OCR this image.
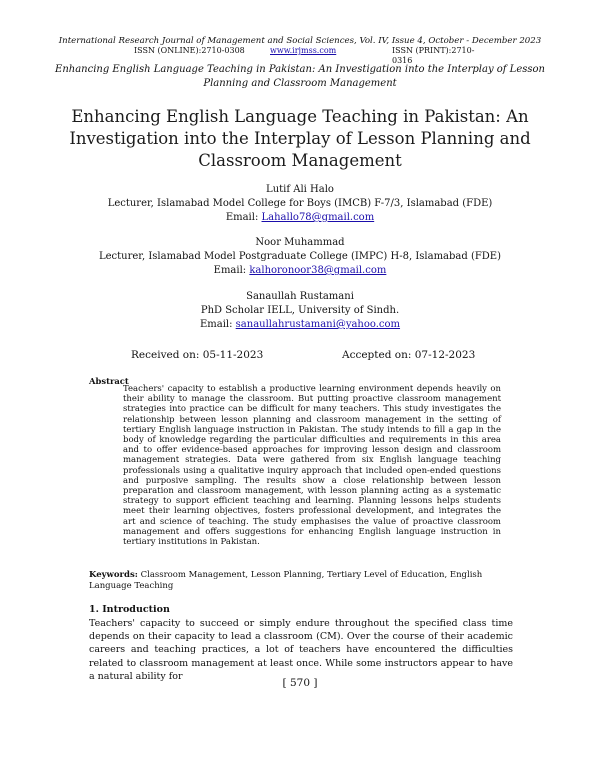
International Research Journal of Management and Social Sciences, Vol. IV, Issue 4, October - December 2023
ISSN (ONLINE):2710-0308	www.irjmss.com	ISSN (PRINT):2710-0316
Enhancing English Language Teaching in Pakistan: An Investigation into the Interplay of Lesson Planning and Classroom Management
Enhancing English Language Teaching in Pakistan: An Investigation into the Interplay of Lesson Planning and Classroom Management
Lutif Ali Halo
Lecturer, Islamabad Model College for Boys (IMCB) F-7/3, Islamabad (FDE)
Email: Lahallo78@gmail.com
Noor Muhammad
Lecturer, Islamabad Model Postgraduate College (IMPC) H-8, Islamabad (FDE)
Email: kalhoronoor38@gmail.com
Sanaullah Rustamani
PhD Scholar IELL, University of Sindh.
Email: sanaullahrustamani@yahoo.com
Received on: 05-11-2023	Accepted on: 07-12-2023
Abstract
Teachers' capacity to establish a productive learning environment depends heavily on their ability to manage the classroom. But putting proactive classroom management strategies into practice can be difficult for many teachers. This study investigates the relationship between lesson planning and classroom management in the setting of tertiary English language instruction in Pakistan. The study intends to fill a gap in the body of knowledge regarding the particular difficulties and requirements in this area and to offer evidence-based approaches for improving lesson design and classroom management strategies. Data were gathered from six English language teaching professionals using a qualitative inquiry approach that included open-ended questions and purposive sampling. The results show a close relationship between lesson preparation and classroom management, with lesson planning acting as a systematic strategy to support efficient teaching and learning. Planning lessons helps students meet their learning objectives, fosters professional development, and integrates the art and science of teaching. The study emphasises the value of proactive classroom management and offers suggestions for enhancing English language instruction in tertiary institutions in Pakistan.
Keywords: Classroom Management, Lesson Planning, Tertiary Level of Education, English Language Teaching
1. Introduction
Teachers' capacity to succeed or simply endure throughout the specified class time depends on their capacity to lead a classroom (CM). Over the course of their academic careers and teaching practices, a lot of teachers have encountered the difficulties related to classroom management at least once. While some instructors appear to have a natural ability for
[ 570 ]
